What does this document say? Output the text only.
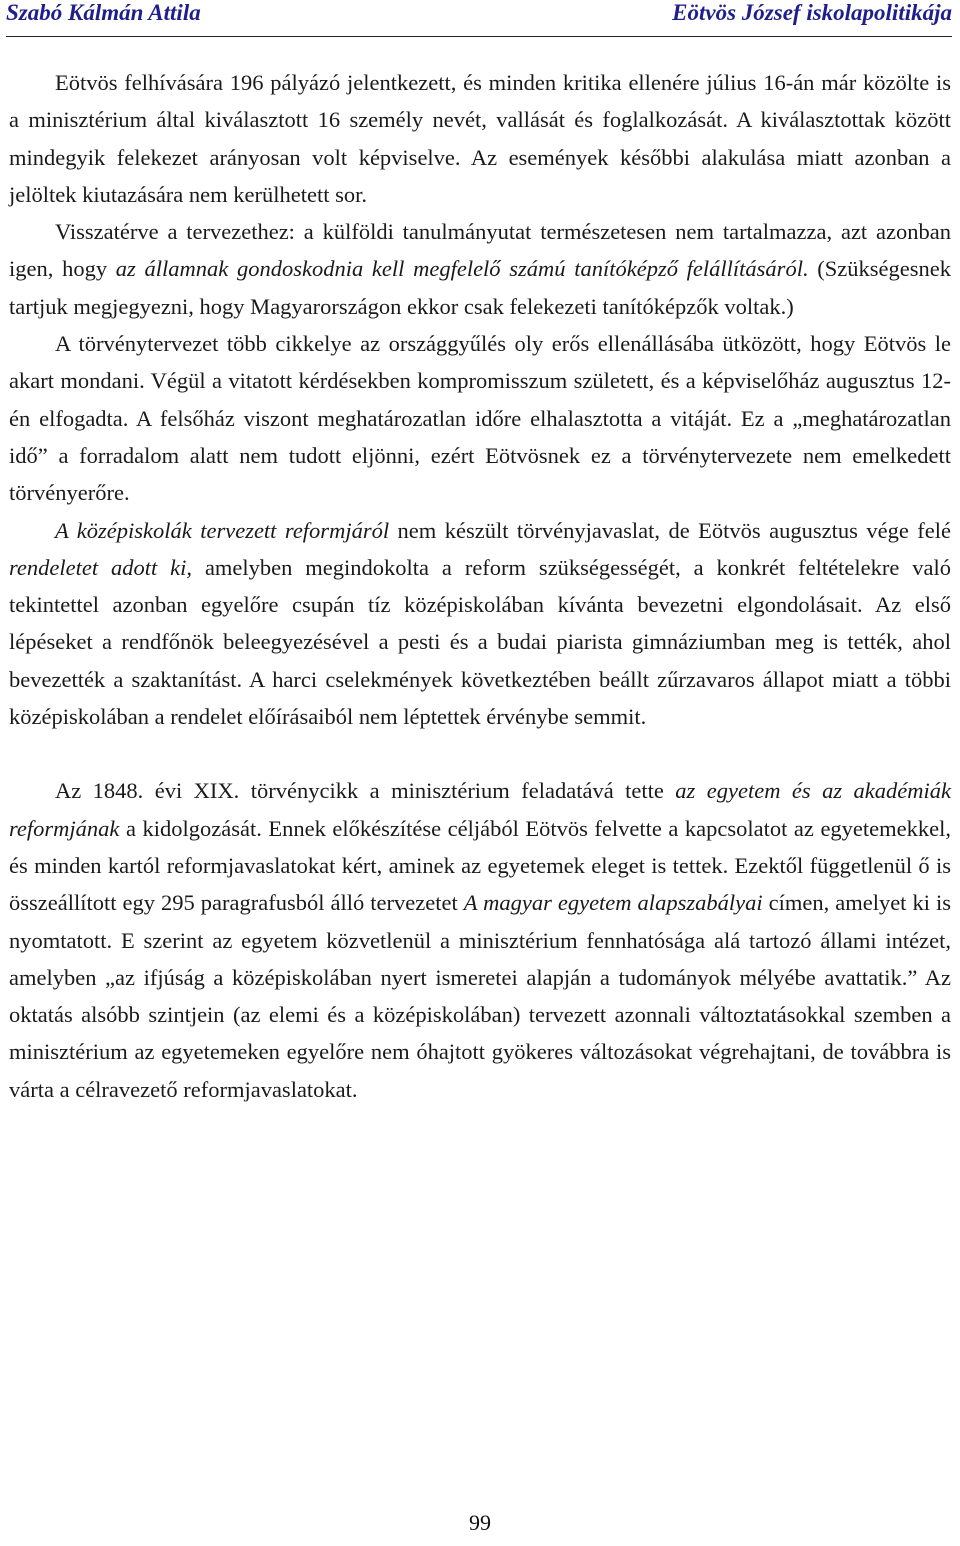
Szabó Kálmán Attila	Eötvös József iskolapolitikája

Eötvös felhívására 196 pályázó jelentkezett, és minden kritika ellenére július 16-án már közölte is a minisztérium által kiválasztott 16 személy nevét, vallását és foglalkozását. A kiválasztottak között mindegyik felekezet arányosan volt képviselve. Az események későbbi alakulása miatt azonban a jelöltek kiutazására nem kerülhetett sor.

Visszatérve a tervezethez: a külföldi tanulmányutat természetesen nem tartalmazza, azt azonban igen, hogy az államnak gondoskodnia kell megfelelő számú tanítóképző felállításáról. (Szükségesnek tartjuk megjegyezni, hogy Magyarországon ekkor csak felekezeti tanítóképzők voltak.)

A törvénytervezet több cikkelye az országgyűlés oly erős ellenállásába ütközött, hogy Eötvös le akart mondani. Végül a vitatott kérdésekben kompromisszum született, és a képviselőház augusztus 12-én elfogadta. A felsőház viszont meghatározatlan időre elhalasztotta a vitáját. Ez a „meghatározatlan idő” a forradalom alatt nem tudott eljönni, ezért Eötvösnek ez a törvénytervezete nem emelkedett törvényerőre.

A középiskolák tervezett reformjáról nem készült törvényjavaslat, de Eötvös augusztus vége felé rendeletet adott ki, amelyben megindokolta a reform szükségességét, a konkrét feltételekre való tekintettel azonban egyelőre csupán tíz középiskolában kívánta bevezetni elgondolásait. Az első lépéseket a rendfőnök beleegyezésével a pesti és a budai piarista gimnáziumban meg is tették, ahol bevezették a szaktanítást. A harci cselekmények következtében beállt zűrzavaros állapot miatt a többi középiskolában a rendelet előírásaiból nem léptettek érvénybe semmit.

Az 1848. évi XIX. törvénycikk a minisztérium feladatává tette az egyetem és az akadémiák reformjának a kidolgozását. Ennek előkészítése céljából Eötvös felvette a kapcsolatot az egyetemekkel, és minden kartól reformjavaslatokat kért, aminek az egyetemek eleget is tettek. Ezektől függetlenül ő is összeállított egy 295 paragrafusból álló tervezetet A magyar egyetem alapszabályai címen, amelyet ki is nyomtatott. E szerint az egyetem közvetlenül a minisztérium fennhatósága alá tartozó állami intézet, amelyben „az ifjúság a középiskolában nyert ismeretei alapján a tudományok mélyébe avattatik.” Az oktatás alsóbb szintjein (az elemi és a középiskolában) tervezett azonnali változtatásokkal szemben a minisztérium az egyetemeken egyelőre nem óhajtott gyökeres változásokat végrehajtani, de továbbra is várta a célravezető reformjavaslatokat.

99
